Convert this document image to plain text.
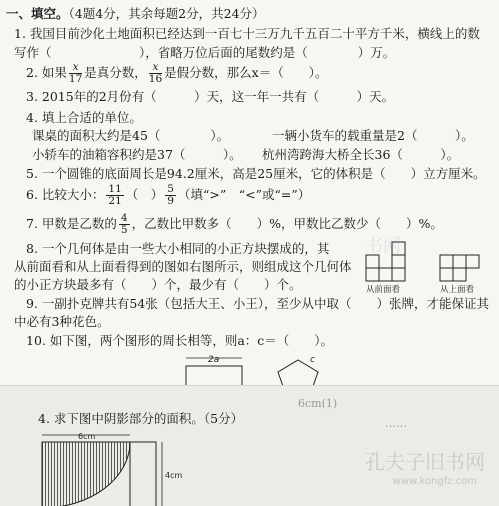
书网
一、填空。（4题4分，其余每题2分，共24分）
1. 我国目前沙化土地面积已经达到一百七十三万九千五百二十平方千米，横线上的数
写作（　　　　　　　），省略万位后面的尾数约是（　　　　）万。
2. 如果 $\frac{x}{17}$ 是真分数， $\frac{x}{16}$ 是假分数，那么x＝（　　）。
3. 2015年的2月份有（　　　）天，这一年一共有（　　　）天。
4. 填上合适的单位。
课桌的面积大约是45（　　　　）。	一辆小货车的载重量是2（　　　）。
小轿车的油箱容积约是37（　　　）。 杭州湾跨海大桥全长36（　　　）。
5. 一个圆锥的底面周长是94.2厘米，高是25厘米，它的体积是（　　）立方厘米。
6. 比较大小： $\frac{11}{21}$ （　） $\frac{5}{9}$ （填“>”　“<”或“=”）
7. 甲数是乙数的 $\frac{4}{5}$ ，乙数比甲数多（　　）%，甲数比乙数少（　　）%。
8. 一个几何体是由一些大小相同的小正方块摆成的，其
从前面看和从上面看得到的图如右图所示，则组成这个几何体
的小正方块最多有（　　）个，最少有（　　）个。	从前面看	从上面看
9. 一副扑克牌共有54张（包括大王、小王），至少从中取（　　）张牌，才能保证其
中必有3种花色。
10. 如下图，两个图形的周长相等，则a：c＝（　　）。
2a	c
6cm(1)
……
4. 求下图中阴影部分的面积。（5分）
6cm
4cm
孔夫子旧书网
www.kongfz.com
